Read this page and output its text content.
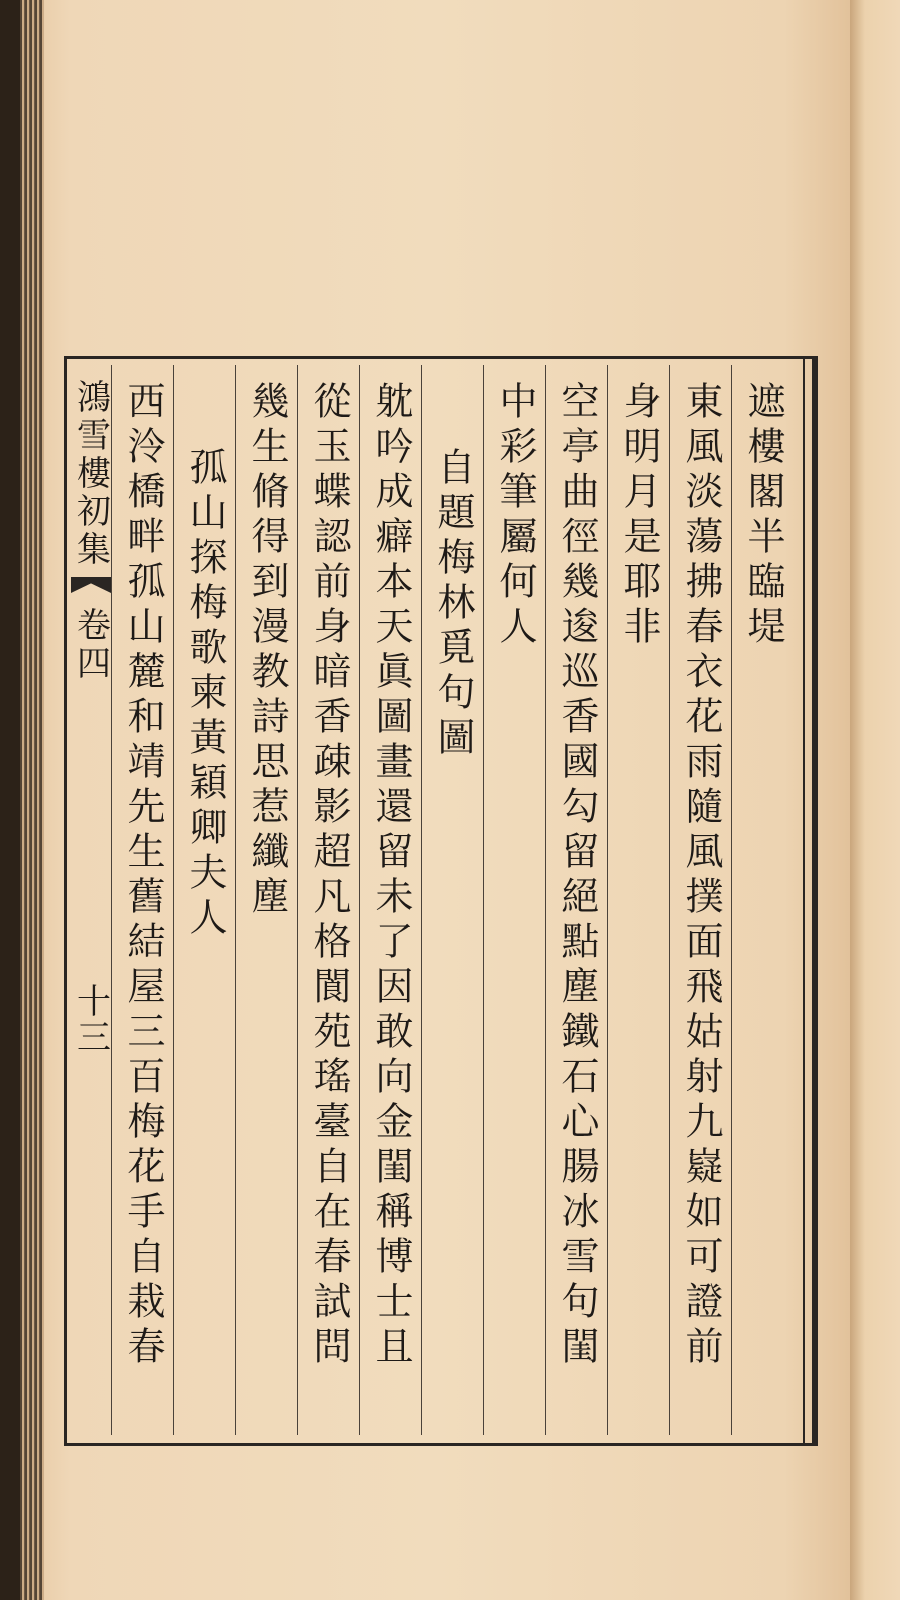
鴻雪樓初集
卷四
十三
遮樓閣半臨堤
東風淡蕩拂春衣花雨隨風撲面飛姑射九嶷如可證前
身明月是耶非
空亭曲徑幾逡巡香國勾留絕點塵鐵石心腸冰雪句閨
中彩筆屬何人
自題梅林覓句圖
躭吟成癖本天眞圖畫還留未了因敢向金閨稱博士且
從玉蝶認前身暗香疎影超凡格閬苑瑤臺自在春試問
幾生脩得到漫教詩思惹纖塵
孤山探梅歌柬黃穎卿夫人
西泠橋畔孤山麓和靖先生舊結屋三百梅花手自栽春
